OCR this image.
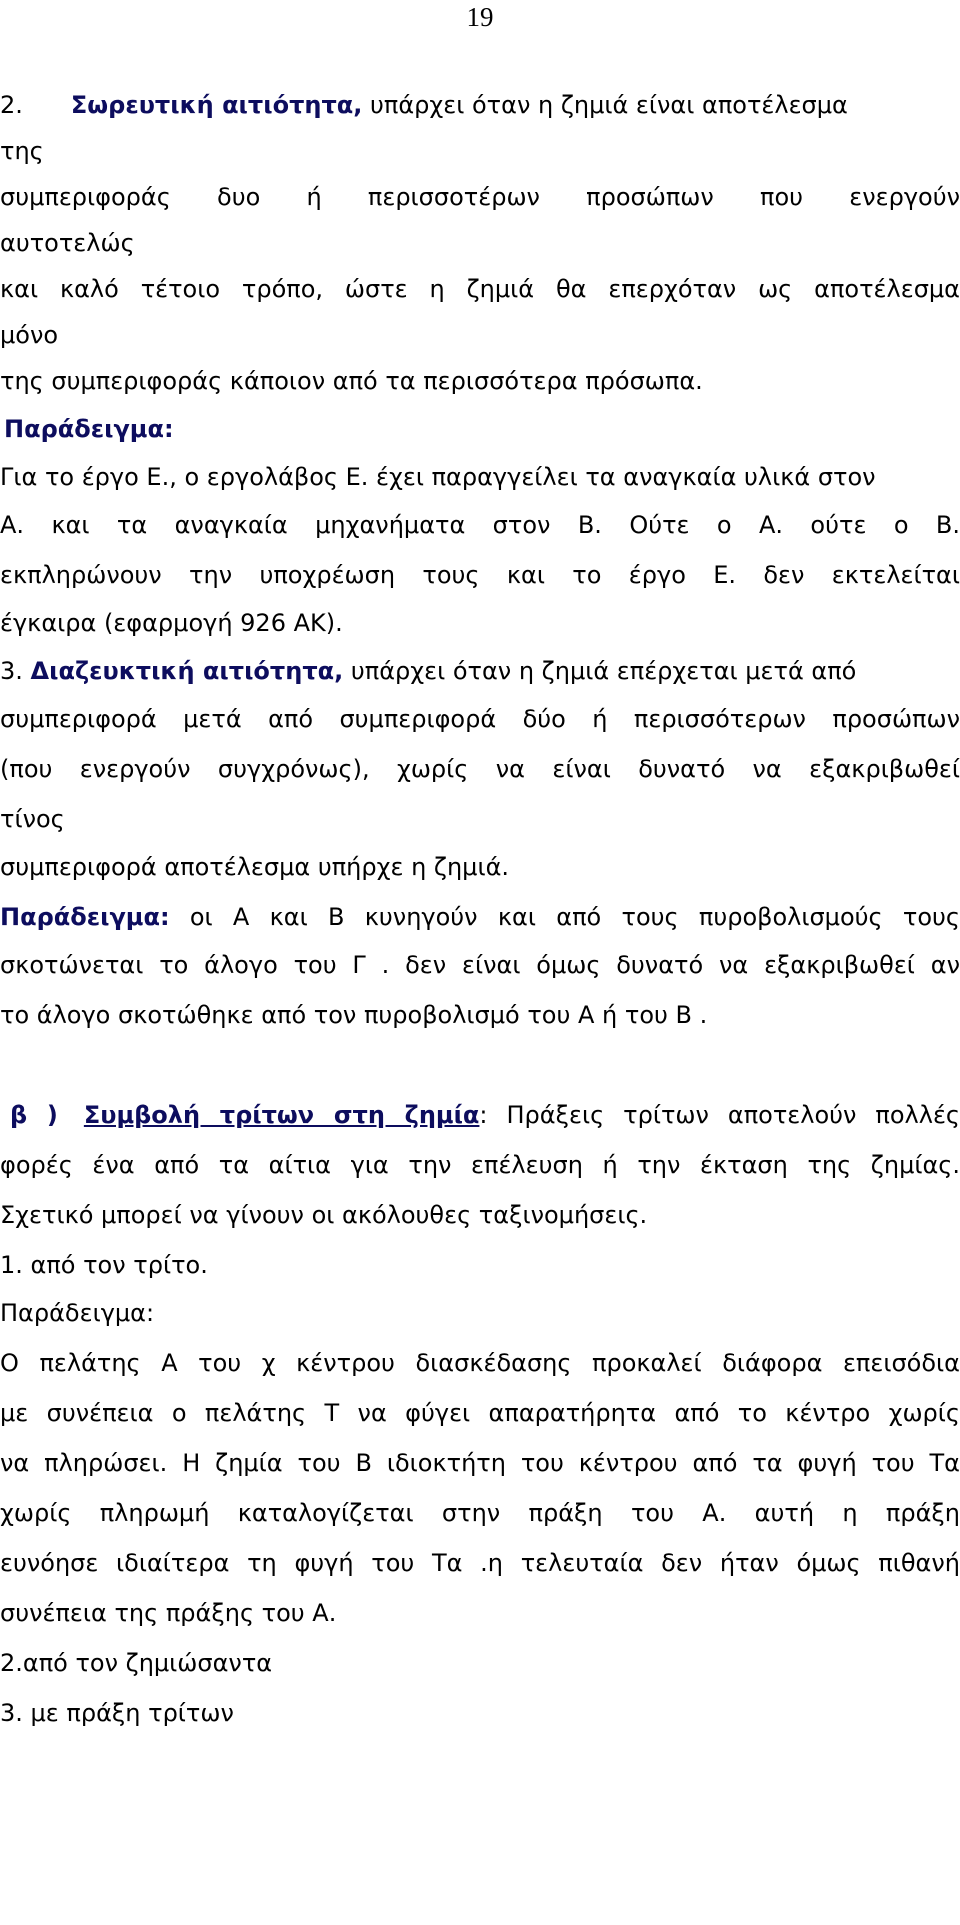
19
2. Σωρευτική αιτιότητα, υπάρχει όταν η ζημιά είναι αποτέλεσμα
της
συμπεριφοράς δυο ή περισσοτέρων προσώπων που ενεργούν
αυτοτελώς
και καλό τέτοιο τρόπο, ώστε η ζημιά θα επερχόταν ως αποτέλεσμα
μόνο
της συμπεριφοράς κάποιον από τα περισσότερα πρόσωπα.
Παράδειγμα:
Για το έργο Ε., ο εργολάβος Ε. έχει παραγγείλει τα αναγκαία υλικά στον
Α. και τα αναγκαία μηχανήματα στον Β. Ούτε ο Α. ούτε ο Β.
εκπληρώνουν την υποχρέωση τους και το έργο Ε. δεν εκτελείται
έγκαιρα (εφαρμογή 926 ΑΚ).
3. Διαζευκτική αιτιότητα, υπάρχει όταν η ζημιά επέρχεται μετά από
συμπεριφορά μετά από συμπεριφορά δύο ή περισσότερων προσώπων
(που ενεργούν συγχρόνως), χωρίς να είναι δυνατό να εξακριβωθεί
τίνος
συμπεριφορά αποτέλεσμα υπήρχε η ζημιά.
Παράδειγμα: οι Α και Β κυνηγούν και από τους πυροβολισμούς τους
σκοτώνεται το άλογο του Γ . δεν είναι όμως δυνατό να εξακριβωθεί αν
το άλογο σκοτώθηκε από τον πυροβολισμό του Α ή του Β .
β ) Συμβολή τρίτων στη ζημία: Πράξεις τρίτων αποτελούν πολλές
φορές ένα από τα αίτια για την επέλευση ή την έκταση της ζημίας.
Σχετικό μπορεί να γίνουν οι ακόλουθες ταξινομήσεις.
1. από τον τρίτο.
Παράδειγμα:
Ο πελάτης Α του χ κέντρου διασκέδασης προκαλεί διάφορα επεισόδια
με συνέπεια ο πελάτης Τ να φύγει απαρατήρητα από το κέντρο χωρίς
να πληρώσει. Η ζημία του Β ιδιοκτήτη του κέντρου από τα φυγή του Τα
χωρίς πληρωμή καταλογίζεται στην πράξη του Α. αυτή η πράξη
ευνόησε ιδιαίτερα τη φυγή του Τα .η τελευταία δεν ήταν όμως πιθανή
συνέπεια της πράξης του Α.
2.από τον ζημιώσαντα
3. με πράξη τρίτων
